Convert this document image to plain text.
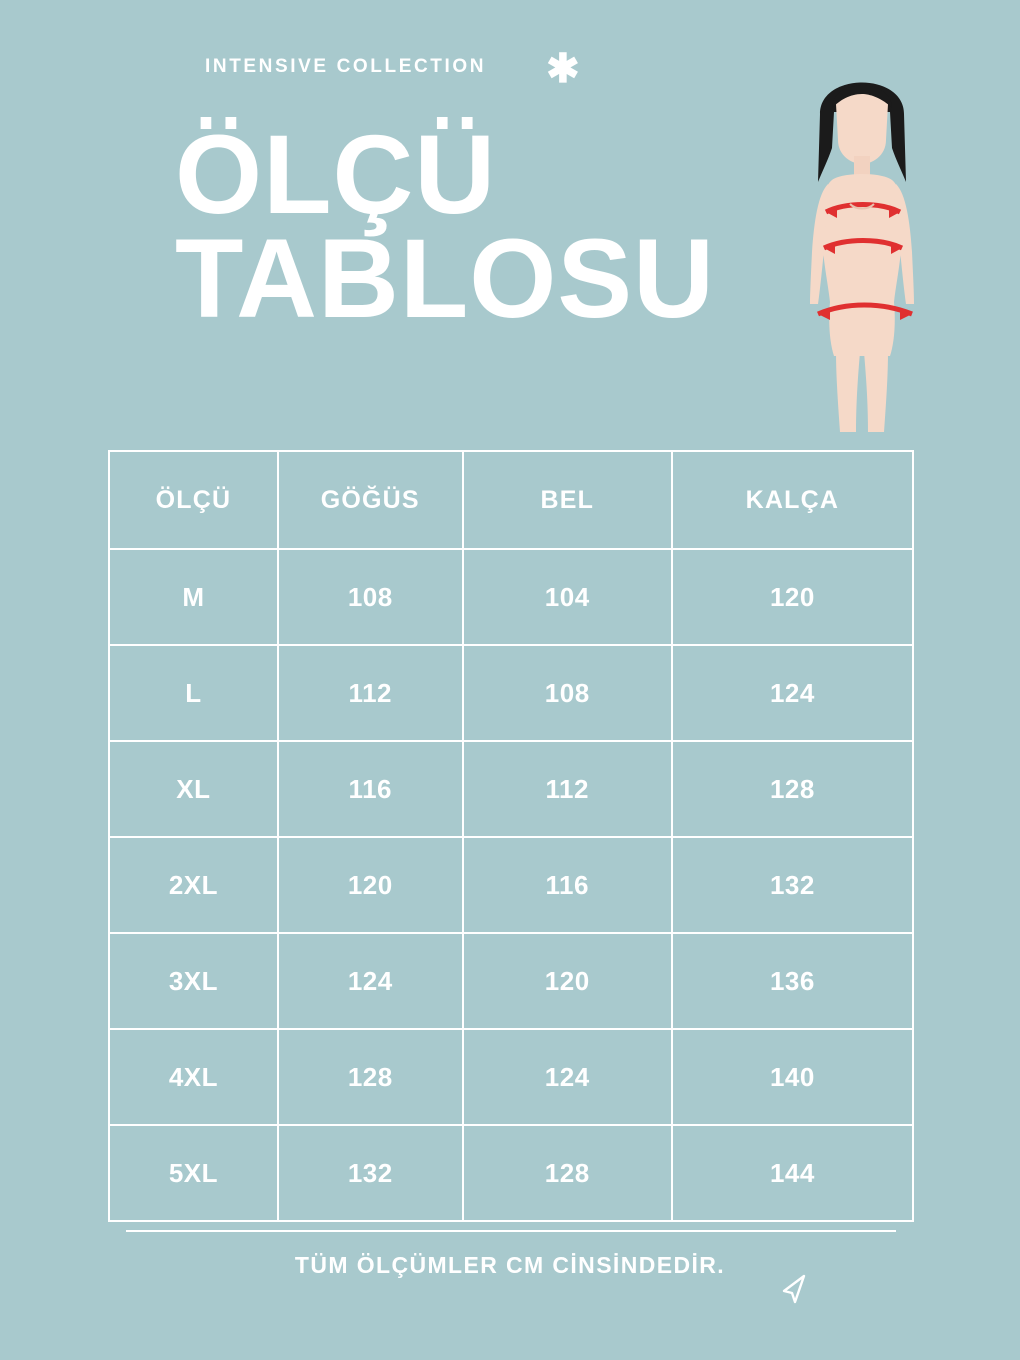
INTENSIVE COLLECTION ✱
ÖLÇÜ
TABLOSU
ÖLÇÜ	GÖĞÜS	BEL	KALÇA
M	108	104	120
L	112	108	124
XL	116	112	128
2XL	120	116	132
3XL	124	120	136
4XL	128	124	140
5XL	132	128	144
TÜM ÖLÇÜMLER CM CİNSİNDEDİR.
